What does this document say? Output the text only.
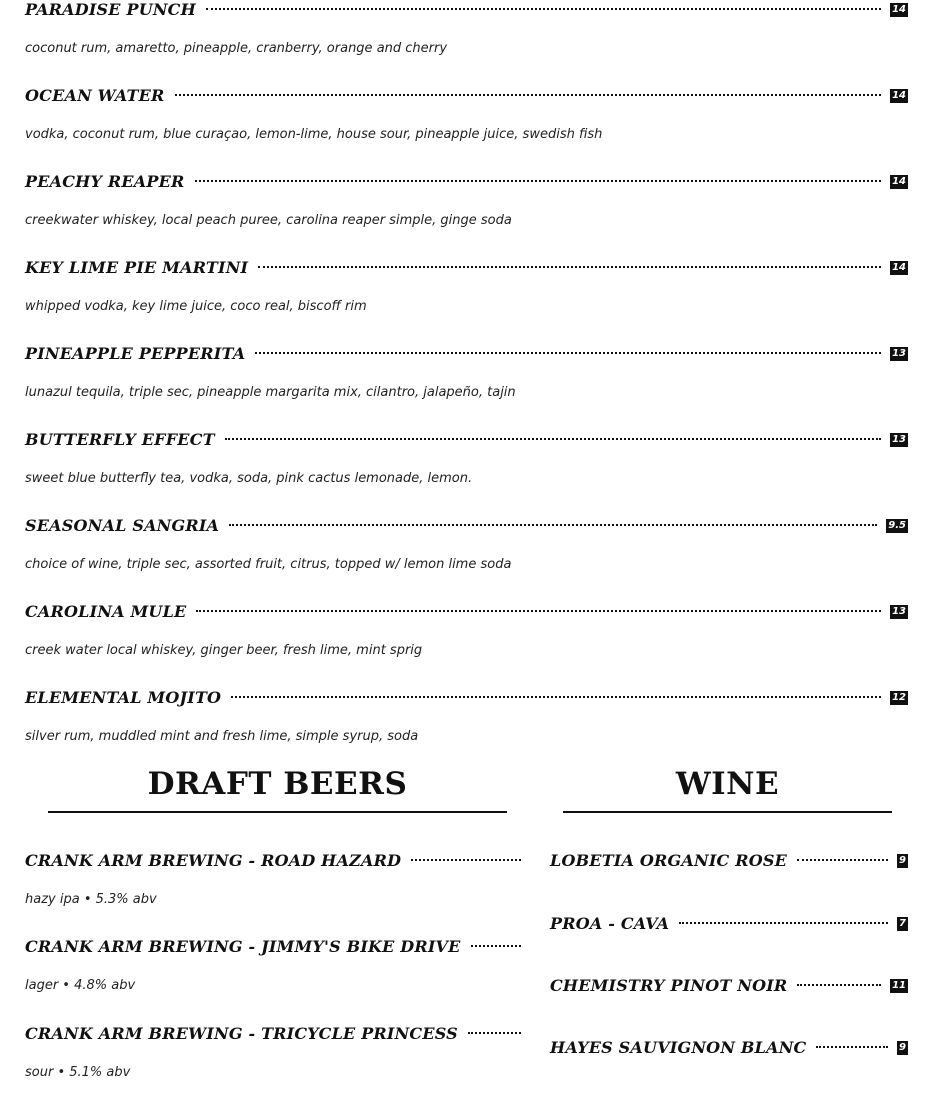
PARADISE PUNCH	14
coconut rum, amaretto, pineapple, cranberry, orange and cherry
OCEAN WATER	14
vodka, coconut rum, blue curaçao, lemon-lime, house sour, pineapple juice, swedish fish
PEACHY REAPER	14
creekwater whiskey, local peach puree, carolina reaper simple, ginge soda
KEY LIME PIE MARTINI	14
whipped vodka, key lime juice, coco real, biscoff rim
PINEAPPLE PEPPERITA	13
lunazul tequila, triple sec, pineapple margarita mix, cilantro, jalapeño, tajin
BUTTERFLY EFFECT	13
sweet blue butterfly tea, vodka, soda, pink cactus lemonade, lemon.
SEASONAL SANGRIA	9.5
choice of wine, triple sec, assorted fruit, citrus, topped w/ lemon lime soda
CAROLINA MULE	13
creek water local whiskey, ginger beer, fresh lime, mint sprig
ELEMENTAL MOJITO	12
silver rum, muddled mint and fresh lime, simple syrup, soda
DRAFT BEERS	WINE
CRANK ARM BREWING - ROAD HAZARD
hazy ipa • 5.3% abv
CRANK ARM BREWING - JIMMY'S BIKE DRIVE
lager • 4.8% abv
CRANK ARM BREWING - TRICYCLE PRINCESS
sour • 5.1% abv
LOBETIA ORGANIC ROSE	9
PROA - CAVA	7
CHEMISTRY PINOT NOIR	11
HAYES SAUVIGNON BLANC	9
